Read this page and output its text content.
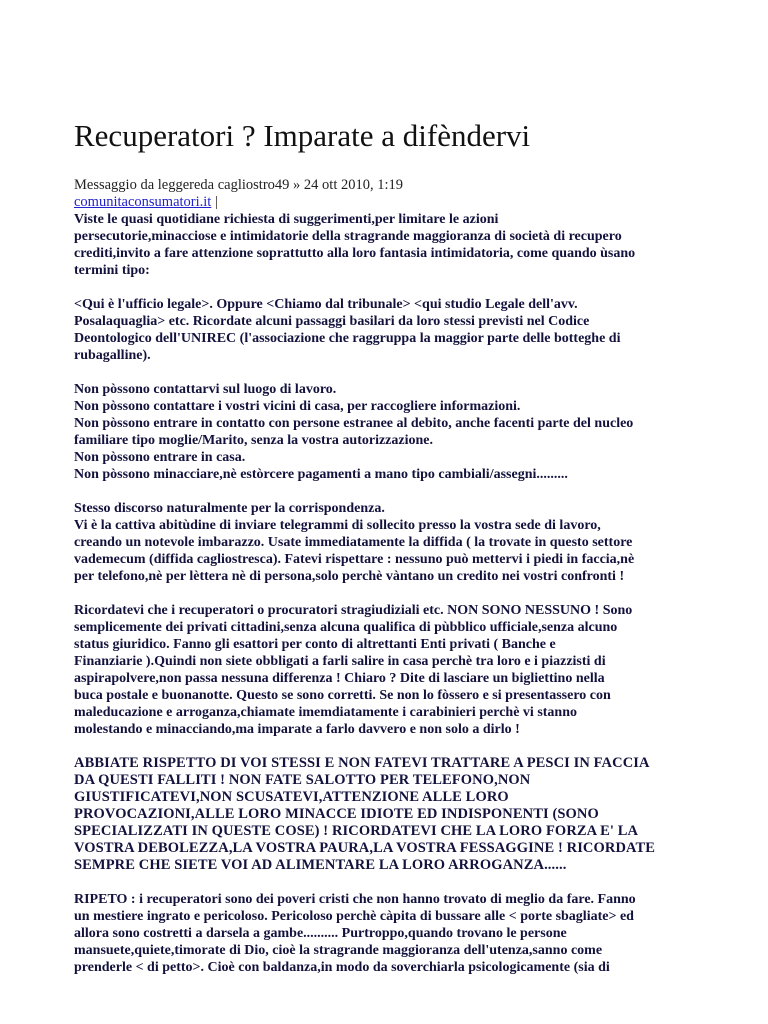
Recuperatori ? Imparate a difèndervi
Messaggio da leggereda cagliostro49 » 24 ott 2010, 1:19
comunitaconsumatori.it |

Viste le quasi quotidiane richiesta di suggerimenti,per limitare le azioni
persecutorie,minacciose e intimidatorie della stragrande maggioranza di società di recupero
crediti,invito a fare attenzione soprattutto alla loro fantasia intimidatoria, come quando ùsano
termini tipo:

<Qui è l'ufficio legale>. Oppure <Chiamo dal tribunale> <qui studio Legale dell'avv.
Posalaquaglia> etc. Ricordate alcuni passaggi basilari da loro stessi previsti nel Codice
Deontologico dell'UNIREC (l'associazione che raggruppa la maggior parte delle botteghe di
rubagalline).

Non pòssono contattarvi sul luogo di lavoro.
Non pòssono contattare i vostri vicini di casa, per raccogliere informazioni.
Non pòssono entrare in contatto con persone estranee al debito, anche facenti parte del nucleo
familiare tipo moglie/Marito, senza la vostra autorizzazione.
Non pòssono entrare in casa.
Non pòssono minacciare,nè estòrcere pagamenti a mano tipo cambiali/assegni.........

Stesso discorso naturalmente per la corrispondenza.
Vi è la cattiva abitùdine di inviare telegrammi di sollecito presso la vostra sede di lavoro,
creando un notevole imbarazzo. Usate immediatamente la diffida ( la trovate in questo settore
vademecum (diffida cagliostresca). Fatevi rispettare : nessuno può mettervi i piedi in faccia,nè
per telefono,nè per lèttera nè di persona,solo perchè vàntano un credito nei vostri confronti !

Ricordatevi che i recuperatori o procuratori stragiudiziali etc. NON SONO NESSUNO ! Sono
semplicemente dei privati cittadini,senza alcuna qualifica di pùbblico ufficiale,senza alcuno
status giuridico. Fanno gli esattori per conto di altrettanti Enti privati ( Banche e
Finanziarie ).Quindi non siete obbligati a farli salire in casa perchè tra loro e i piazzisti di
aspirapolvere,non passa nessuna differenza ! Chiaro ? Dite di lasciare un bigliettino nella
buca postale e buonanotte. Questo se sono corretti. Se non lo fòssero e si presentassero con
maleducazione e arroganza,chiamate imemdiatamente i carabinieri perchè vi stanno
molestando e minacciando,ma imparate a farlo davvero e non solo a dirlo !

ABBIATE RISPETTO DI VOI STESSI E NON FATEVI TRATTARE A PESCI IN FACCIA
DA QUESTI FALLITI ! NON FATE SALOTTO PER TELEFONO,NON
GIUSTIFICATEVI,NON SCUSATEVI,ATTENZIONE ALLE LORO
PROVOCAZIONI,ALLE LORO MINACCE IDIOTE ED INDISPONENTI (SONO
SPECIALIZZATI IN QUESTE COSE) ! RICORDATEVI CHE LA LORO FORZA E' LA
VOSTRA DEBOLEZZA,LA VOSTRA PAURA,LA VOSTRA FESSAGGINE ! RICORDATE
SEMPRE CHE SIETE VOI AD ALIMENTARE LA LORO ARROGANZA......

RIPETO : i recuperatori sono dei poveri cristi che non hanno trovato di meglio da fare. Fanno
un mestiere ingrato e pericoloso. Pericoloso perchè càpita di bussare alle < porte sbagliate> ed
allora sono costretti a darsela a gambe.......... Purtroppo,quando trovano le persone
mansuete,quiete,timorate di Dio, cioè la stragrande maggioranza dell'utenza,sanno come
prenderle < di petto>. Cioè con baldanza,in modo da soverchiarla psicologicamente (sia di
